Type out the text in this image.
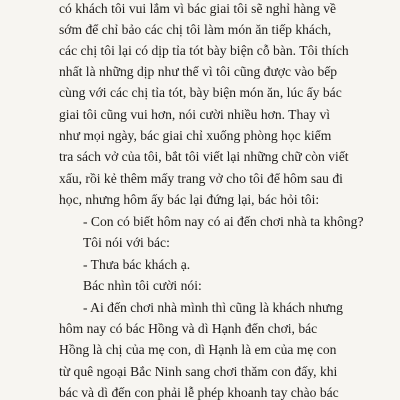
có khách tôi vui lắm vì bác giai tôi sẽ nghỉ hàng về
sớm để chỉ bảo các chị tôi làm món ăn tiếp khách,
các chị tôi lại có dịp tỉa tót bày biện cỗ bàn. Tôi thích
nhất là những dịp như thế vì tôi cũng được vào bếp
cùng với các chị tỉa tót, bày biện món ăn, lúc ấy bác
giai tôi cũng vui hơn, nói cười nhiều hơn. Thay vì
như mọi ngày, bác giai chỉ xuống phòng học kiểm
tra sách vở của tôi, bắt tôi viết lại những chữ còn viết
xấu, rồi kẻ thêm mấy trang vở cho tôi để hôm sau đi
học, nhưng hôm ấy bác lại đứng lại, bác hỏi tôi:
- Con có biết hôm nay có ai đến chơi nhà ta không?
Tôi nói với bác:
- Thưa bác khách ạ.
Bác nhìn tôi cười nói:
- Ai đến chơi nhà mình thì cũng là khách nhưng
hôm nay có bác Hồng và dì Hạnh đến chơi, bác
Hồng là chị của mẹ con, dì Hạnh là em của mẹ con
từ quê ngoại Bắc Ninh sang chơi thăm con đấy, khi
bác và dì đến con phải lễ phép khoanh tay chào bác
